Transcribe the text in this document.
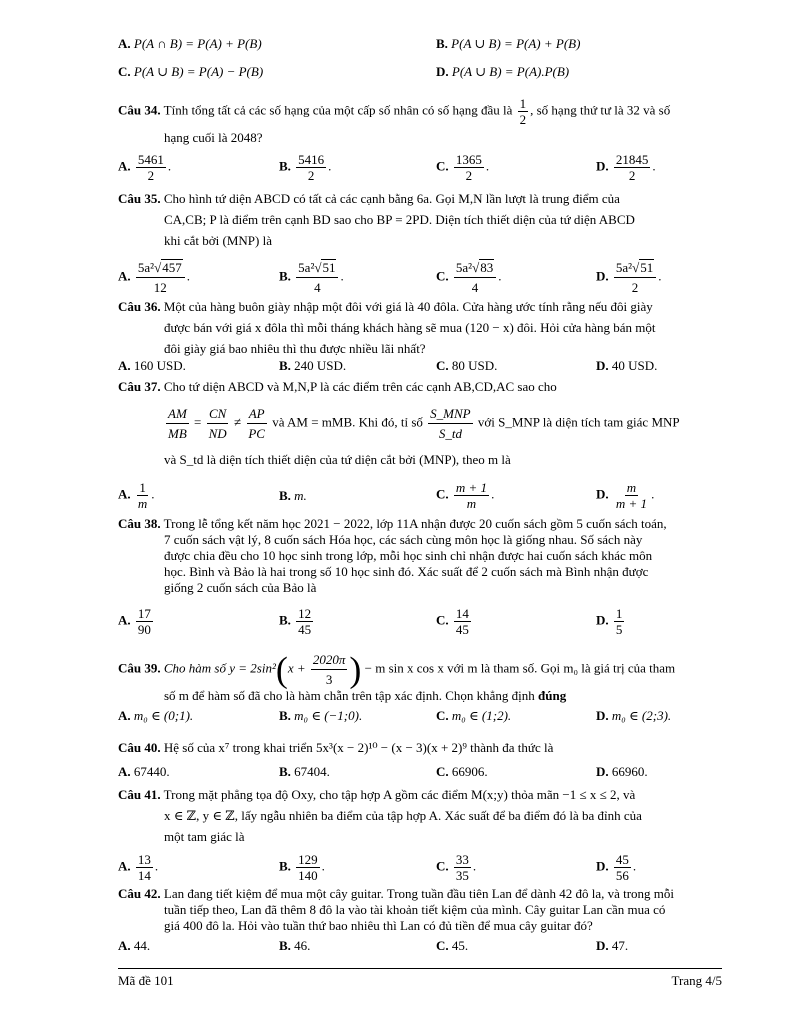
A. P(A ∩ B) = P(A) + P(B)	B. P(A ∪ B) = P(A) + P(B)
C. P(A ∪ B) = P(A) − P(B)	D. P(A ∪ B) = P(A).P(B)
Câu 34. Tính tổng tất cả các số hạng của một cấp số nhân có số hạng đầu là $\frac{1}{2}$ , số hạng thứ tư là 32 và số
hạng cuối là 2048?
A. $\frac{5461}{2}$ .	B. $\frac{5416}{2}$ .	C. $\frac{1365}{2}$ .	D. $\frac{21845}{2}$ .
Câu 35. Cho hình tứ diện ABCD có tất cả các cạnh bằng 6a. Gọi M,N lần lượt là trung điểm của
CA,CB; P là điểm trên cạnh BD sao cho BP = 2PD. Diện tích thiết diện của tứ diện ABCD
khi cắt bởi (MNP) là
A. $\frac{\text{5a²√457}}{12}$ .	B. $\frac{\text{5a²√51}}{4}$ .	C. $\frac{\text{5a²√83}}{4}$ .	D. $\frac{\text{5a²√51}}{2}$ .
Câu 36. Một của hàng buôn giày nhập một đôi với giá là 40 đôla. Cửa hàng ước tính rằng nếu đôi giày
được bán với giá x đôla thì mỗi tháng khách hàng sẽ mua (120 − x) đôi. Hỏi cửa hàng bán một
đôi giày giá bao nhiêu thì thu được nhiều lãi nhất?
A. 160 USD.	B. 240 USD.	C. 80 USD.	D. 40 USD.
Câu 37. Cho tứ diện ABCD và M,N,P là các điểm trên các cạnh AB,CD,AC sao cho
$\frac{AM}{MB} = \frac{CN}{ND} \ne \frac{AP}{PC}$ và AM = mMB. Khi đó, tỉ số $\frac{\text{S\_MNP}}{S\_td}$ với S_MNP là diện tích tam giác MNP
và S_td là diện tích thiết diện của tứ diện cắt bởi (MNP), theo m là
A. $\frac{1}{m}$ .	B. m.	C. $\frac{m + 1}{m}$ .	D. $\frac{m}{m + 1}$ .
Câu 38. Trong lễ tổng kết năm học 2021 − 2022, lớp 11A nhận được 20 cuốn sách gồm 5 cuốn sách toán,
7 cuốn sách vật lý, 8 cuốn sách Hóa học, các sách cùng môn học là giống nhau. Số sách này
được chia đều cho 10 học sinh trong lớp, mỗi học sinh chỉ nhận được hai cuốn sách khác môn
học. Bình và Bảo là hai trong số 10 học sinh đó. Xác suất để 2 cuốn sách mà Bình nhận được
giống 2 cuốn sách của Bảo là
A. $\frac{17}{90}$	B. $\frac{12}{45}$	C. $\frac{14}{45}$	D. $\frac{1}{5}$
Câu 39. Cho hàm số $y = 2\sin^2(x + \frac{2020\pi}{3}$ ) − m sin x cos x với m là tham số. Gọi m₀ là giá trị của tham
số m để hàm số đã cho là hàm chẵn trên tập xác định. Chọn khẳng định đúng
A. m₀ ∈ (0;1).	B. m₀ ∈ (−1;0).	C. m₀ ∈ (1;2).	D. m₀ ∈ (2;3).
Câu 40. Hệ số của x⁷ trong khai triển 5x³(x − 2)¹⁰ − (x − 3)(x + 2)⁹ thành đa thức là
A. 67440.	B. 67404.	C. 66906.	D. 66960.
Câu 41. Trong mặt phẳng tọa độ Oxy, cho tập hợp A gồm các điểm M(x;y) thỏa mãn −1 ≤ x ≤ 2, và
x ∈ ℤ, y ∈ ℤ, lấy ngẫu nhiên ba điểm của tập hợp A. Xác suất để ba điểm đó là ba đỉnh của
một tam giác là
A. $\frac{13}{14}$ .	B. $\frac{129}{140}$ .	C. $\frac{33}{35}$ .	D. $\frac{45}{56}$ .
Câu 42. Lan đang tiết kiệm để mua một cây guitar. Trong tuần đầu tiên Lan để dành 42 đô la, và trong mỗi
tuần tiếp theo, Lan đã thêm 8 đô la vào tài khoản tiết kiệm của mình. Cây guitar Lan cần mua có
giá 400 đô la. Hỏi vào tuần thứ bao nhiêu thì Lan có đủ tiền để mua cây guitar đó?
A. 44.	B. 46.	C. 45.	D. 47.
Mã đề 101	Trang 4/5
